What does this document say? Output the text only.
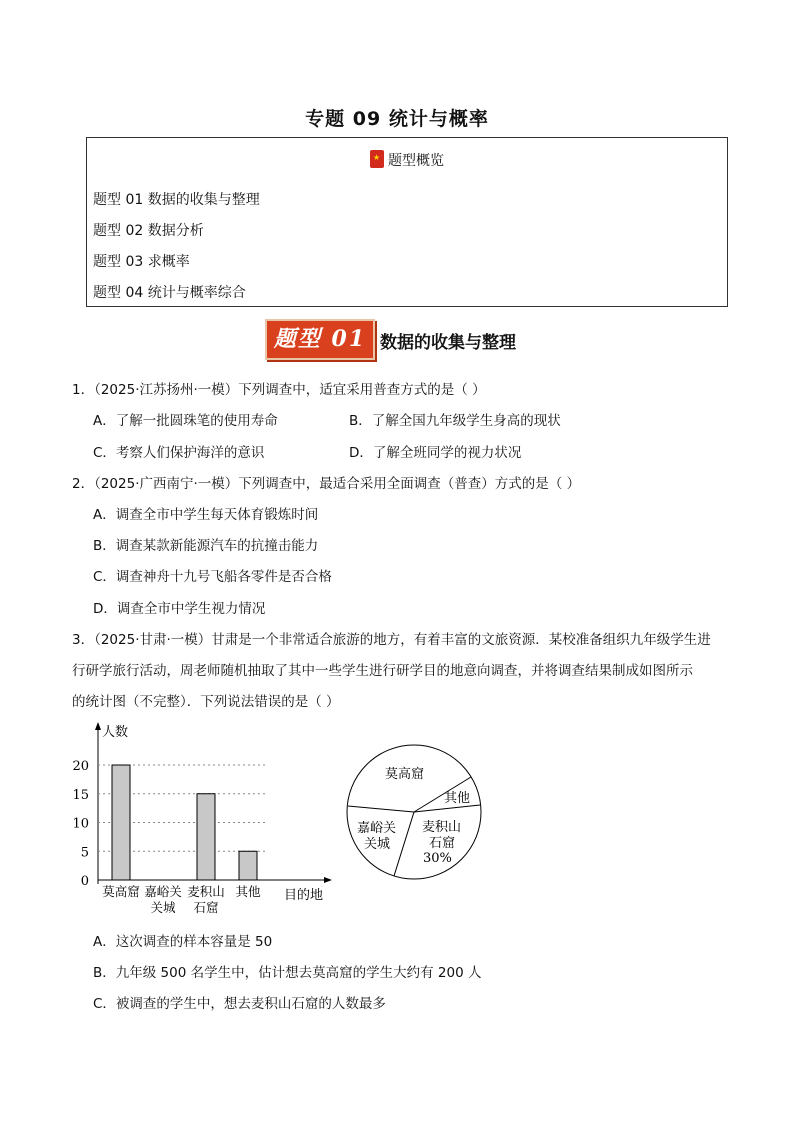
专题 09 统计与概率
★题型概览
题型 01 数据的收集与整理
题型 02 数据分析
题型 03 求概率
题型 04 统计与概率综合
题型 01 数据的收集与整理
1．（2025·江苏扬州·一模）下列调查中，适宜采用普查方式的是（ ）
A．了解一批圆珠笔的使用寿命	B．了解全国九年级学生身高的现状
C．考察人们保护海洋的意识	D．了解全班同学的视力状况
2．（2025·广西南宁·一模）下列调查中，最适合采用全面调查（普查）方式的是（ ）
A．调查全市中学生每天体育锻炼时间
B．调查某款新能源汽车的抗撞击能力
C．调查神舟十九号飞船各零件是否合格
D．调查全市中学生视力情况
3．（2025·甘肃·一模）甘肃是一个非常适合旅游的地方，有着丰富的文旅资源．某校准备组织九年级学生进
行研学旅行活动，周老师随机抽取了其中一些学生进行研学目的地意向调查，并将调查结果制成如图所示
的统计图（不完整）．下列说法错误的是（ ）
人数
目的地
0
5
10
15
20
莫高窟 嘉峪关
关城
麦积山
石窟
其他
莫高窟
其他
麦积山
石窟
30%
嘉峪关
关城
A．这次调查的样本容量是 50
B．九年级 500 名学生中，估计想去莫高窟的学生大约有 200 人
C．被调查的学生中，想去麦积山石窟的人数最多
